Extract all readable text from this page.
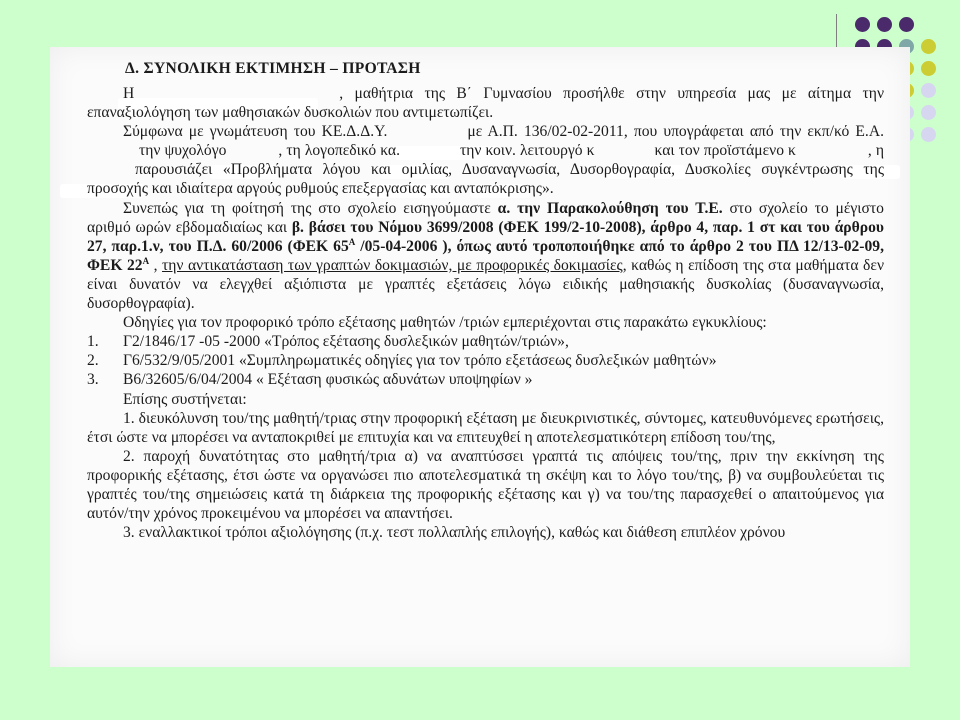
Δ. ΣΥΝΟΛΙΚΗ ΕΚΤΙΜΗΣΗ – ΠΡΟΤΑΣΗ

Η	, μαθήτρια της Β΄ Γυμνασίου προσήλθε στην υπηρεσία μας με αίτημα την επαναξιολόγηση των μαθησιακών δυσκολιών που αντιμετωπίζει.

Σύμφωνα με γνωμάτευση του ΚΕ.Δ.Δ.Υ.	με Α.Π. 136/02-02-2011, που υπογράφεται από την εκπ/κό Ε.Α.την ψυχολόγο	, τη λογοπεδικό κα.	την κοιν. λειτουργό κ	και τον προϊστάμενο κ	, ηπαρουσιάζει «Προβλήματα λόγου και ομιλίας, Δυσαναγνωσία, Δυσορθογραφία, Δυσκολίες συγκέντρωσης της προσοχής και ιδιαίτερα αργούς ρυθμούς επεξεργασίας και ανταπόκρισης».

Συνεπώς για τη φοίτησή της στο σχολείο εισηγούμαστε α. την Παρακολούθηση του Τ.Ε. στο σχολείο το μέγιστο αριθμό ωρών εβδομαδιαίως και β. βάσει του Νόμου 3699/2008 (ΦΕΚ 199/2-10-2008), άρθρο 4, παρ. 1 στ και του άρθρου 27, παρ.1.ν, του Π.Δ. 60/2006 (ΦΕΚ $65^A$ /05-04-2006 ), όπως αυτό τροποποιήθηκε από το άρθρο 2 του ΠΔ 12/13-02-09, ΦΕΚ $22^A$ , την αντικατάσταση των γραπτών δοκιμασιών, με προφορικές δοκιμασίες, καθώς η επίδοση της στα μαθήματα δεν είναι δυνατόν να ελεγχθεί αξιόπιστα με γραπτές εξετάσεις λόγω ειδικής μαθησιακής δυσκολίας (δυσαναγνωσία, δυσορθογραφία).

Οδηγίες για τον προφορικό τρόπο εξέτασης μαθητών /τριών εμπεριέχονται στις παρακάτω εγκυκλίους:

1.	Γ2/1846/17 -05 -2000 «Τρόπος εξέτασης δυσλεξικών μαθητών/τριών»,

2.	Γ6/532/9/05/2001 «Συμπληρωματικές οδηγίες για τον τρόπο εξετάσεως δυσλεξικών μαθητών»

3.	Β6/32605/6/04/2004 « Εξέταση φυσικώς αδυνάτων υποψηφίων »

Επίσης συστήνεται:

1. διευκόλυνση του/της μαθητή/τριας στην προφορική εξέταση με διευκρινιστικές, σύντομες, κατευθυνόμενες ερωτήσεις, έτσι ώστε να μπορέσει να ανταποκριθεί με επιτυχία και να επιτευχθεί η αποτελεσματικότερη επίδοση του/της,

2. παροχή δυνατότητας στο μαθητή/τρια α) να αναπτύσσει γραπτά τις απόψεις του/της, πριν την εκκίνηση της προφορικής εξέτασης, έτσι ώστε να οργανώσει πιο αποτελεσματικά τη σκέψη και το λόγο του/της, β) να συμβουλεύεται τις γραπτές του/της σημειώσεις κατά τη διάρκεια της προφορικής εξέτασης και γ) να του/της παρασχεθεί ο απαιτούμενος για αυτόν/την χρόνος προκειμένου να μπορέσει να απαντήσει.

3. εναλλακτικοί τρόποι αξιολόγησης (π.χ. τεστ πολλαπλής επιλογής), καθώς και διάθεση επιπλέον χρόνου
